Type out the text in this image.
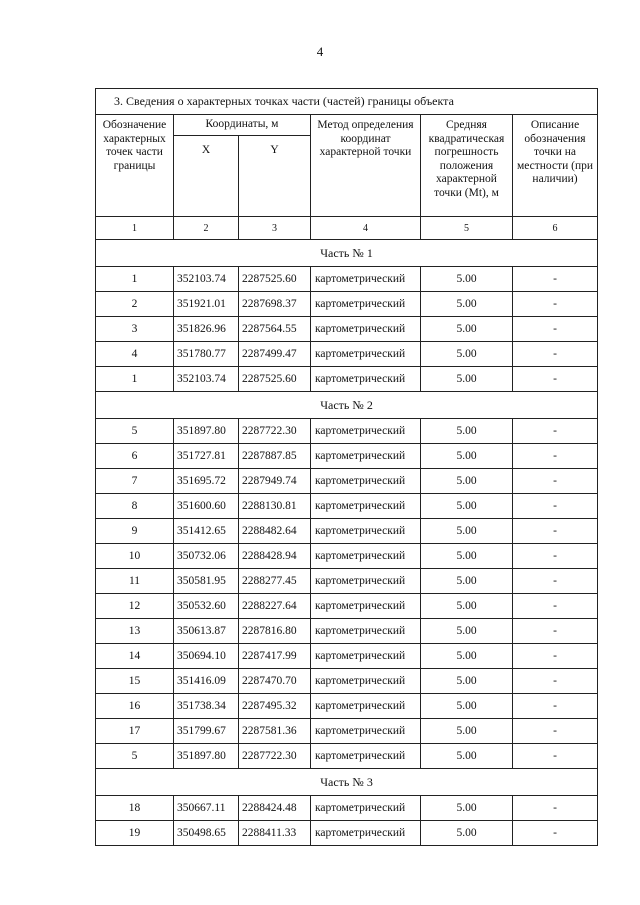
4
3. Сведения о характерных точках части (частей) границы объекта					
Обозначение характерных точек части границы	Координаты, м		Метод определения координат характерной точки	Средняя квадратическая погрешность положения характерной точки (Mt), м	Описание обозначения точки на местности (при наличии)
	X	Y			
1	2	3	4	5	6
Часть № 1					
1	352103.74	2287525.60	картометрический	5.00	-
2	351921.01	2287698.37	картометрический	5.00	-
3	351826.96	2287564.55	картометрический	5.00	-
4	351780.77	2287499.47	картометрический	5.00	-
1	352103.74	2287525.60	картометрический	5.00	-
Часть № 2					
5	351897.80	2287722.30	картометрический	5.00	-
6	351727.81	2287887.85	картометрический	5.00	-
7	351695.72	2287949.74	картометрический	5.00	-
8	351600.60	2288130.81	картометрический	5.00	-
9	351412.65	2288482.64	картометрический	5.00	-
10	350732.06	2288428.94	картометрический	5.00	-
11	350581.95	2288277.45	картометрический	5.00	-
12	350532.60	2288227.64	картометрический	5.00	-
13	350613.87	2287816.80	картометрический	5.00	-
14	350694.10	2287417.99	картометрический	5.00	-
15	351416.09	2287470.70	картометрический	5.00	-
16	351738.34	2287495.32	картометрический	5.00	-
17	351799.67	2287581.36	картометрический	5.00	-
5	351897.80	2287722.30	картометрический	5.00	-
Часть № 3					
18	350667.11	2288424.48	картометрический	5.00	-
19	350498.65	2288411.33	картометрический	5.00	-
